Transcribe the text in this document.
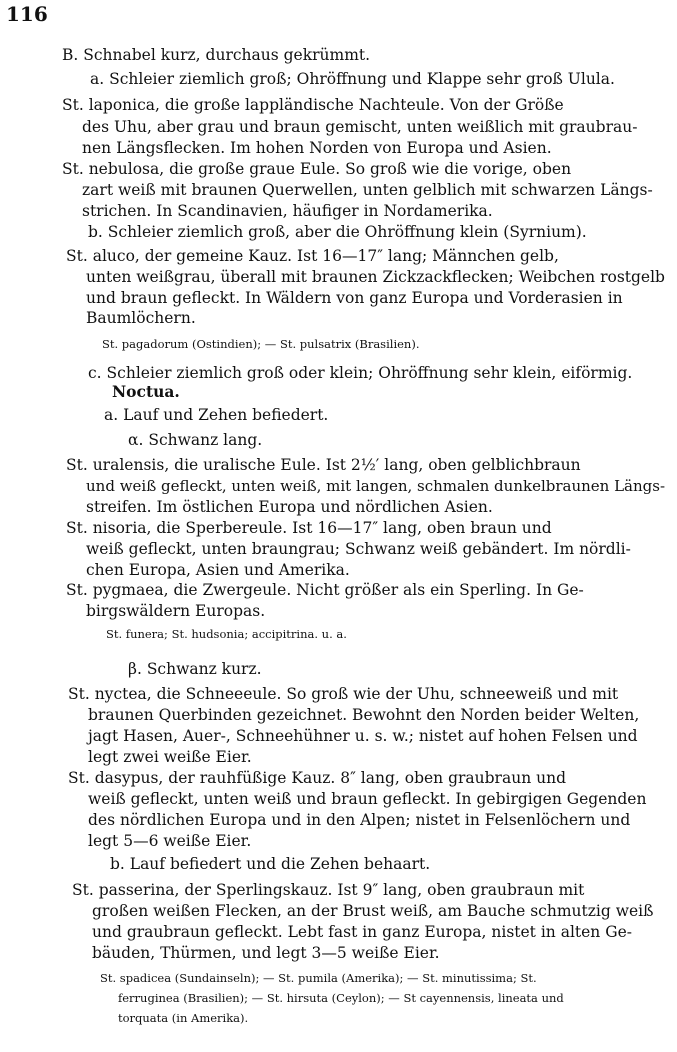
116
B. Schnabel kurz, durchaus gekrümmt.
a. Schleier ziemlich groß; Ohröffnung und Klappe sehr groß Ulula.
St. laponica, die große lappländische Nachteule. Von der Größe
des Uhu, aber grau und braun gemischt, unten weißlich mit graubrau-
nen Längsflecken. Im hohen Norden von Europa und Asien.
St. nebulosa, die große graue Eule. So groß wie die vorige, oben
zart weiß mit braunen Querwellen, unten gelblich mit schwarzen Längs-
strichen. In Scandinavien, häufiger in Nordamerika.
b. Schleier ziemlich groß, aber die Ohröffnung klein (Syrnium).
St. aluco, der gemeine Kauz. Ist 16—17″ lang; Männchen gelb,
unten weißgrau, überall mit braunen Zickzackflecken; Weibchen rostgelb
und braun gefleckt. In Wäldern von ganz Europa und Vorderasien in
Baumlöchern.
St. pagadorum (Ostindien); — St. pulsatrix (Brasilien).
c. Schleier ziemlich groß oder klein; Ohröffnung sehr klein, eiförmig.
Noctua.
a. Lauf und Zehen befiedert.
α. Schwanz lang.
St. uralensis, die uralische Eule. Ist 2½′ lang, oben gelblichbraun
und weiß gefleckt, unten weiß, mit langen, schmalen dunkelbraunen Längs-
streifen. Im östlichen Europa und nördlichen Asien.
St. nisoria, die Sperbereule. Ist 16—17″ lang, oben braun und
weiß gefleckt, unten braungrau; Schwanz weiß gebändert. Im nördli-
chen Europa, Asien und Amerika.
St. pygmaea, die Zwergeule. Nicht größer als ein Sperling. In Ge-
birgswäldern Europas.
St. funera; St. hudsonia; accipitrina. u. a.
β. Schwanz kurz.
St. nyctea, die Schneeeule. So groß wie der Uhu, schneeweiß und mit
braunen Querbinden gezeichnet. Bewohnt den Norden beider Welten,
jagt Hasen, Auer-, Schneehühner u. s. w.; nistet auf hohen Felsen und
legt zwei weiße Eier.
St. dasypus, der rauhfüßige Kauz. 8″ lang, oben graubraun und
weiß gefleckt, unten weiß und braun gefleckt. In gebirgigen Gegenden
des nördlichen Europa und in den Alpen; nistet in Felsenlöchern und
legt 5—6 weiße Eier.
b. Lauf befiedert und die Zehen behaart.
St. passerina, der Sperlingskauz. Ist 9″ lang, oben graubraun mit
großen weißen Flecken, an der Brust weiß, am Bauche schmutzig weiß
und graubraun gefleckt. Lebt fast in ganz Europa, nistet in alten Ge-
bäuden, Thürmen, und legt 3—5 weiße Eier.
St. spadicea (Sundainseln); — St. pumila (Amerika); — St. minutissima; St.
ferruginea (Brasilien); — St. hirsuta (Ceylon); — St cayennensis, lineata und
torquata (in Amerika).
